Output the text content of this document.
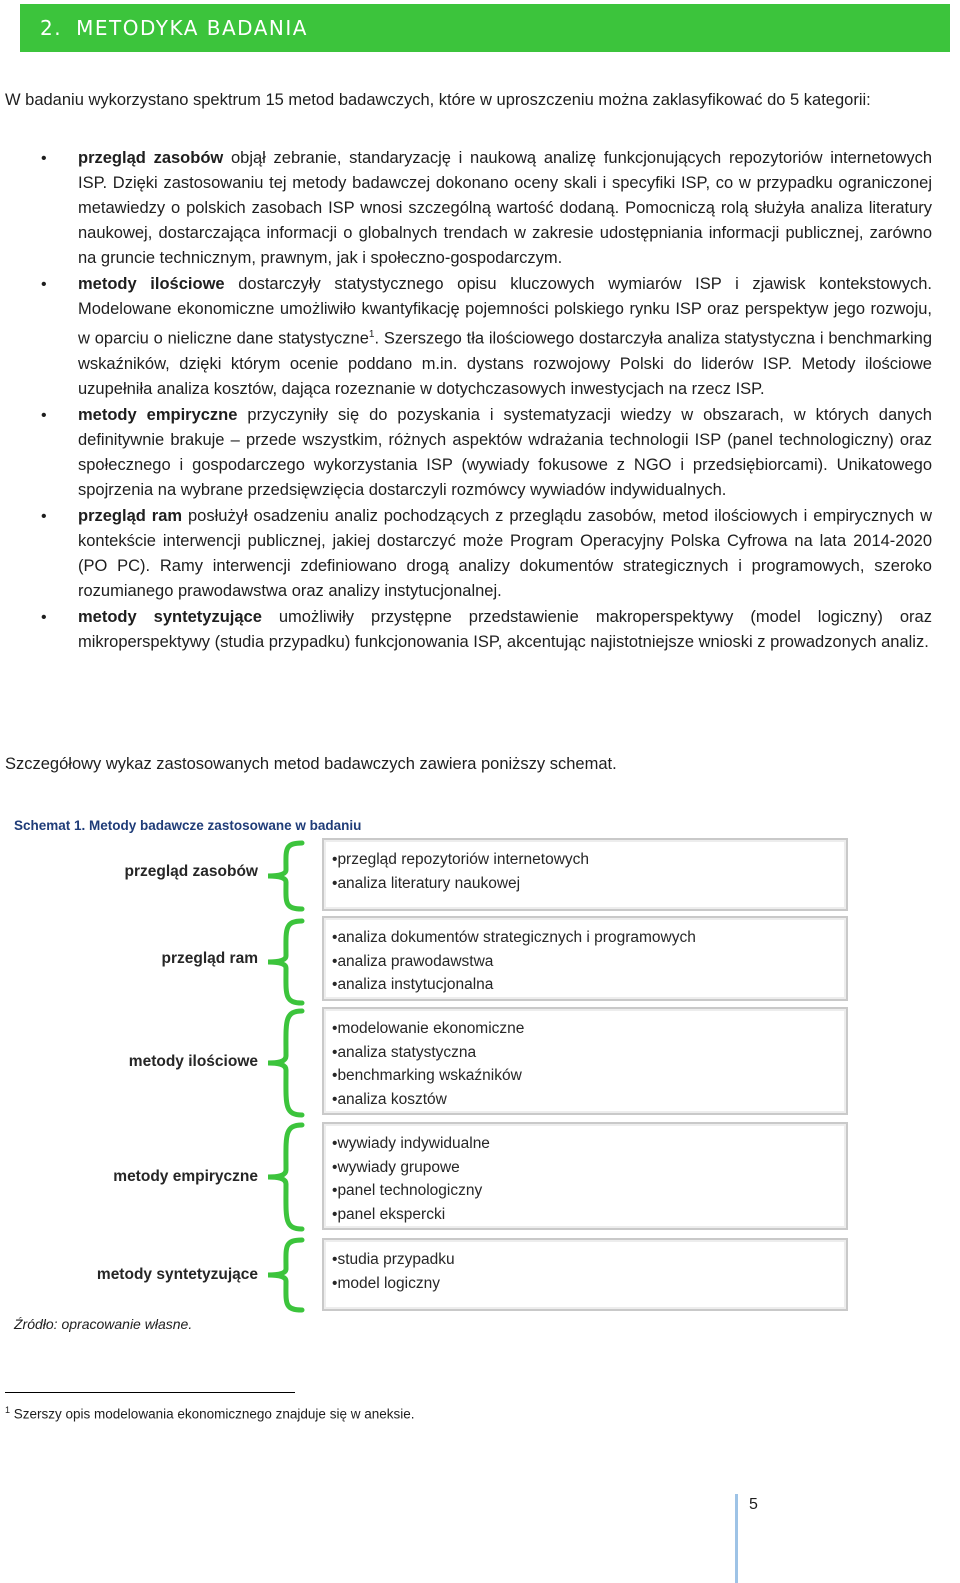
2. METODYKA BADANIA

W badaniu wykorzystano spektrum 15 metod badawczych, które w uproszczeniu można zaklasyfikować do 5 kategorii:

• przegląd zasobów objął zebranie, standaryzację i naukową analizę funkcjonujących repozytoriów internetowych ISP. Dzięki zastosowaniu tej metody badawczej dokonano oceny skali i specyfiki ISP, co w przypadku ograniczonej metawiedzy o polskich zasobach ISP wnosi szczególną wartość dodaną. Pomocniczą rolą służyła analiza literatury naukowej, dostarczająca informacji o globalnych trendach w zakresie udostępniania informacji publicznej, zarówno na gruncie technicznym, prawnym, jak i społeczno-gospodarczym.
• metody ilościowe dostarczyły statystycznego opisu kluczowych wymiarów ISP i zjawisk kontekstowych. Modelowane ekonomiczne umożliwiło kwantyfikację pojemności polskiego rynku ISP oraz perspektyw jego rozwoju, w oparciu o nieliczne dane statystyczne$^1$. Szerszego tła ilościowego dostarczyła analiza statystyczna i benchmarking wskaźników, dzięki którym ocenie poddano m.in. dystans rozwojowy Polski do liderów ISP. Metody ilościowe uzupełniła analiza kosztów, dająca rozeznanie w dotychczasowych inwestycjach na rzecz ISP.
• metody empiryczne przyczyniły się do pozyskania i systematyzacji wiedzy w obszarach, w których danych definitywnie brakuje – przede wszystkim, różnych aspektów wdrażania technologii ISP (panel technologiczny) oraz społecznego i gospodarczego wykorzystania ISP (wywiady fokusowe z NGO i przedsiębiorcami). Unikatowego spojrzenia na wybrane przedsięwzięcia dostarczyli rozmówcy wywiadów indywidualnych.
• przegląd ram posłużył osadzeniu analiz pochodzących z przeglądu zasobów, metod ilościowych i empirycznych w kontekście interwencji publicznej, jakiej dostarczyć może Program Operacyjny Polska Cyfrowa na lata 2014-2020 (PO PC). Ramy interwencji zdefiniowano drogą analizy dokumentów strategicznych i programowych, szeroko rozumianego prawodawstwa oraz analizy instytucjonalnej.
• metody syntetyzujące umożliwiły przystępne przedstawienie makroperspektywy (model logiczny) oraz mikroperspektywy (studia przypadku) funkcjonowania ISP, akcentując najistotniejsze wnioski z prowadzonych analiz.

Szczegółowy wykaz zastosowanych metod badawczych zawiera poniższy schemat.

Schemat 1. Metody badawcze zastosowane w badaniu
przegląd zasobów
•przegląd repozytoriów internetowych
•analiza literatury naukowej
przegląd ram
•analiza dokumentów strategicznych i programowych
•analiza prawodawstwa
•analiza instytucjonalna
metody ilościowe
•modelowanie ekonomiczne
•analiza statystyczna
•benchmarking wskaźników
•analiza kosztów
metody empiryczne
•wywiady indywidualne
•wywiady grupowe
•panel technologiczny
•panel ekspercki
metody syntetyzujące
•studia przypadku
•model logiczny
Źródło: opracowanie własne.
$^1$ Szerszy opis modelowania ekonomicznego znajduje się w aneksie.
5
